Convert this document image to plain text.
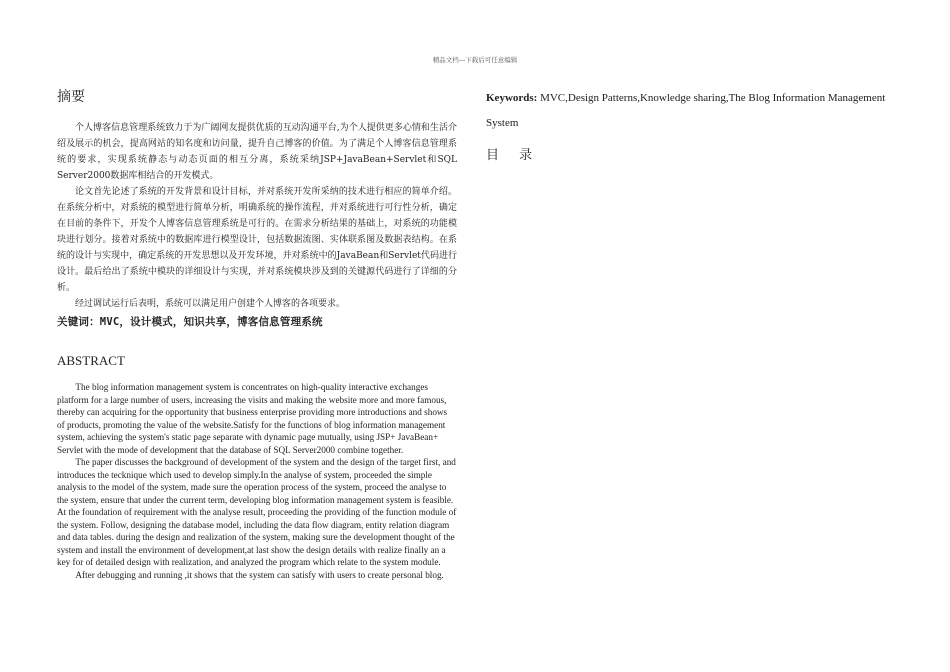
精品文档---下载后可任意编辑
摘要

个人博客信息管理系统致力于为广阔网友提供优质的互动沟通平台,为个人提供更多心情和生活介绍及展示的机会，提高网站的知名度和访问量，提升自己博客的价值。为了满足个人博客信息管理系统的要求，实现系统静态与动态页面的相互分离，系统采纳JSP+JavaBean+Servlet和SQL Server2000数据库相结合的开发模式。

论文首先论述了系统的开发背景和设计目标，并对系统开发所采纳的技术进行相应的简单介绍。在系统分析中，对系统的模型进行简单分析，明确系统的操作流程，并对系统进行可行性分析，确定在目前的条件下，开发个人博客信息管理系统是可行的。在需求分析结果的基础上，对系统的功能模块进行划分。接着对系统中的数据库进行模型设计，包括数据流图、实体联系图及数据表结构。在系统的设计与实现中，确定系统的开发思想以及开发环境，并对系统中的JavaBean和Servlet代码进行设计。最后给出了系统中模块的详细设计与实现，并对系统模块涉及到的关键源代码进行了详细的分析。

经过调试运行后表明，系统可以满足用户创建个人博客的各项要求。

关键词：MVC，设计模式，知识共享，博客信息管理系统

ABSTRACT

The blog information management system is concentrates on high-quality interactive exchanges platform for a large number of users, increasing the visits and making the website more and more famous, thereby can acquiring for the opportunity that business enterprise providing more introductions and shows of products, promoting the value of the website.Satisfy for the functions of blog information management system, achieving the system's static page separate with dynamic page mutually, using JSP+ JavaBean+ Servlet with the mode of development that the database of SQL Server2000 combine together.

The paper discusses the background of development of the system and the design of the target first, and introduces the tecknique which used to develop simply.In the analyse of system, proceeded the simple analysis to the model of the system, made sure the operation process of the system, proceed the analyse to the system, ensure that under the current term, developing blog information management system is feasible. At the foundation of requirement with the analyse result, proceeding the providing of the function module of the system. Follow, designing the database model, including the data flow diagram, entity relation diagram and data tables. during the design and realization of the system, making sure the development thought of the system and install the environment of development,at last show the design details with realize finally an a key for of detailed design with realization, and analyzed the program which relate to the system module.

After debugging and running ,it shows that the system can satisfy with users to create personal blog.

Keywords: MVC,Design Patterns,Knowledge sharing,The Blog Information Management System

目 录
